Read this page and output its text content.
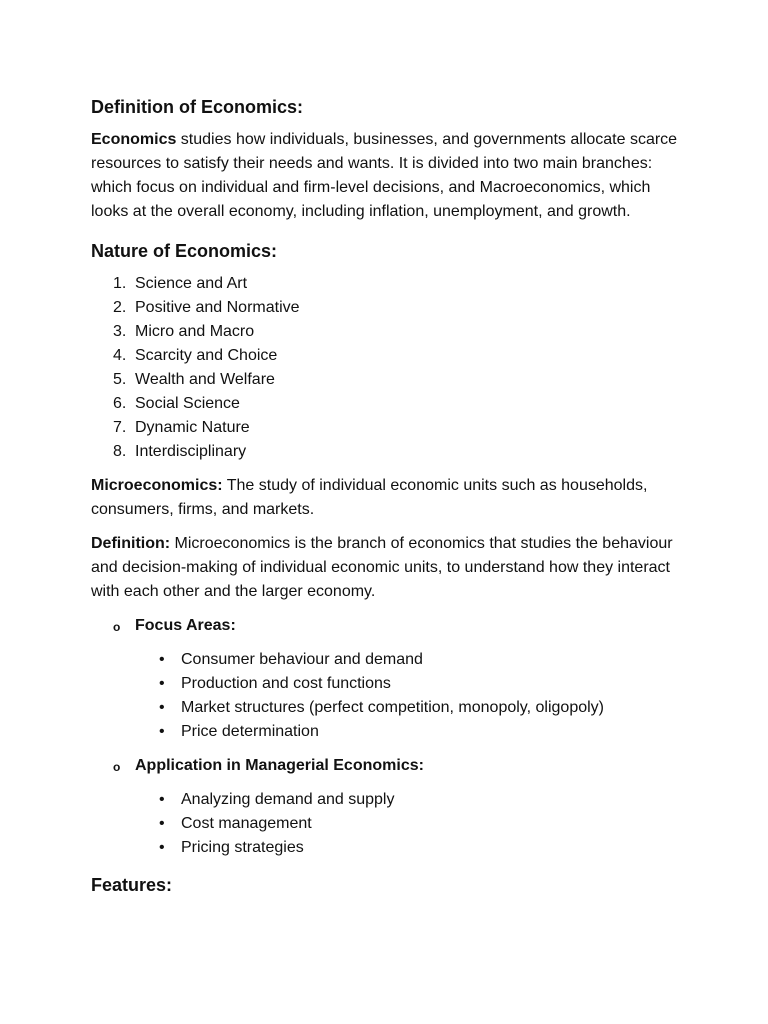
Definition of Economics:

Economics studies how individuals, businesses, and governments allocate scarce resources to satisfy their needs and wants. It is divided into two main branches: which focus on individual and firm-level decisions, and Macroeconomics, which looks at the overall economy, including inflation, unemployment, and growth.

Nature of Economics:
1. Science and Art
2. Positive and Normative
3. Micro and Macro
4. Scarcity and Choice
5. Wealth and Welfare
6. Social Science
7. Dynamic Nature
8. Interdisciplinary

Microeconomics: The study of individual economic units such as households, consumers, firms, and markets.

Definition: Microeconomics is the branch of economics that studies the behaviour and decision-making of individual economic units, to understand how they interact with each other and the larger economy.

o Focus Areas:
• Consumer behaviour and demand
• Production and cost functions
• Market structures (perfect competition, monopoly, oligopoly)
• Price determination
o Application in Managerial Economics:
• Analyzing demand and supply
• Cost management
• Pricing strategies
Features:
